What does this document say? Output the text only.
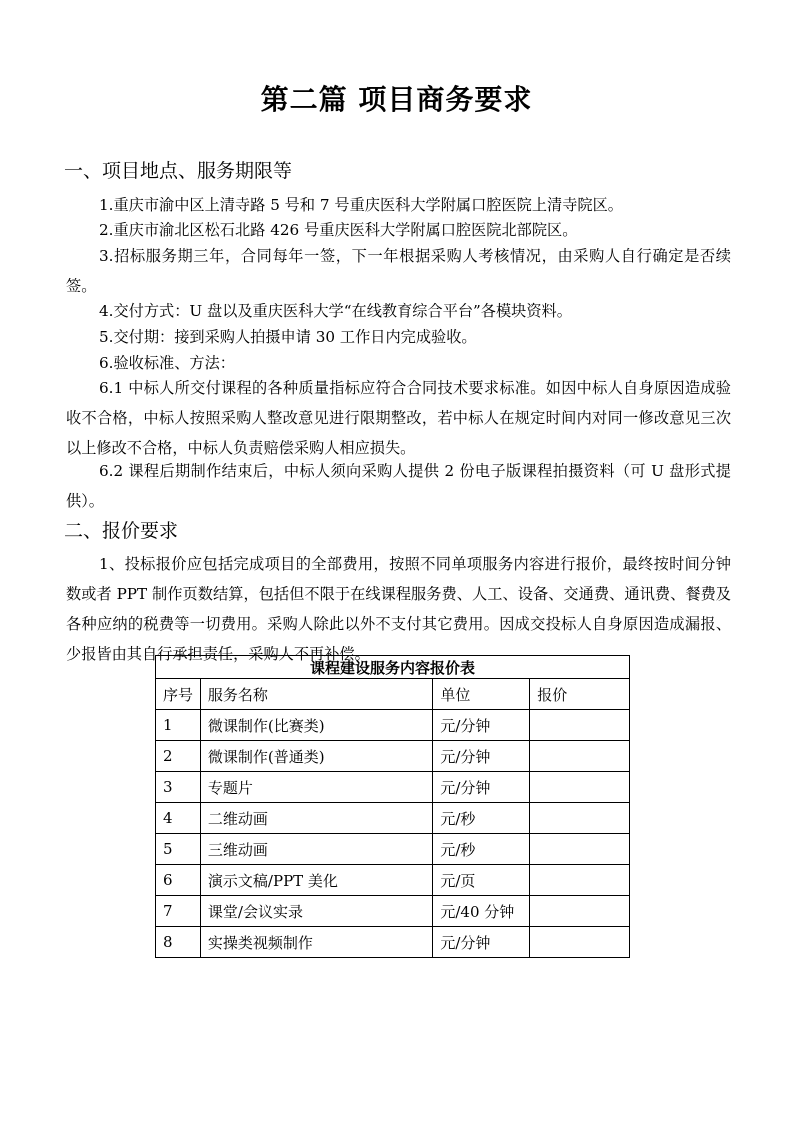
第二篇 项目商务要求
一、项目地点、服务期限等
1.重庆市渝中区上清寺路 5 号和 7 号重庆医科大学附属口腔医院上清寺院区。
2.重庆市渝北区松石北路 426 号重庆医科大学附属口腔医院北部院区。
3.招标服务期三年，合同每年一签，下一年根据采购人考核情况，由采购人自行确定是否续签。
4.交付方式：U 盘以及重庆医科大学“在线教育综合平台”各模块资料。
5.交付期：接到采购人拍摄申请 30 工作日内完成验收。
6.验收标准、方法：
6.1 中标人所交付课程的各种质量指标应符合合同技术要求标准。如因中标人自身原因造成验收不合格，中标人按照采购人整改意见进行限期整改，若中标人在规定时间内对同一修改意见三次以上修改不合格，中标人负责赔偿采购人相应损失。
6.2 课程后期制作结束后，中标人须向采购人提供 2 份电子版课程拍摄资料（可 U 盘形式提供）。
二、报价要求
1、投标报价应包括完成项目的全部费用，按照不同单项服务内容进行报价，最终按时间分钟数或者 PPT 制作页数结算，包括但不限于在线课程服务费、人工、设备、交通费、通讯费、餐费及各种应纳的税费等一切费用。采购人除此以外不支付其它费用。因成交投标人自身原因造成漏报、少报皆由其自行承担责任，采购人不再补偿。
课程建设服务内容报价表			
序号	服务名称	单位	报价
1	微课制作(比赛类)	元/分钟	
2	微课制作(普通类)	元/分钟	
3	专题片	元/分钟	
4	二维动画	元/秒	
5	三维动画	元/秒	
6	演示文稿/PPT 美化	元/页	
7	课堂/会议实录	元/40 分钟	
8	实操类视频制作	元/分钟	
